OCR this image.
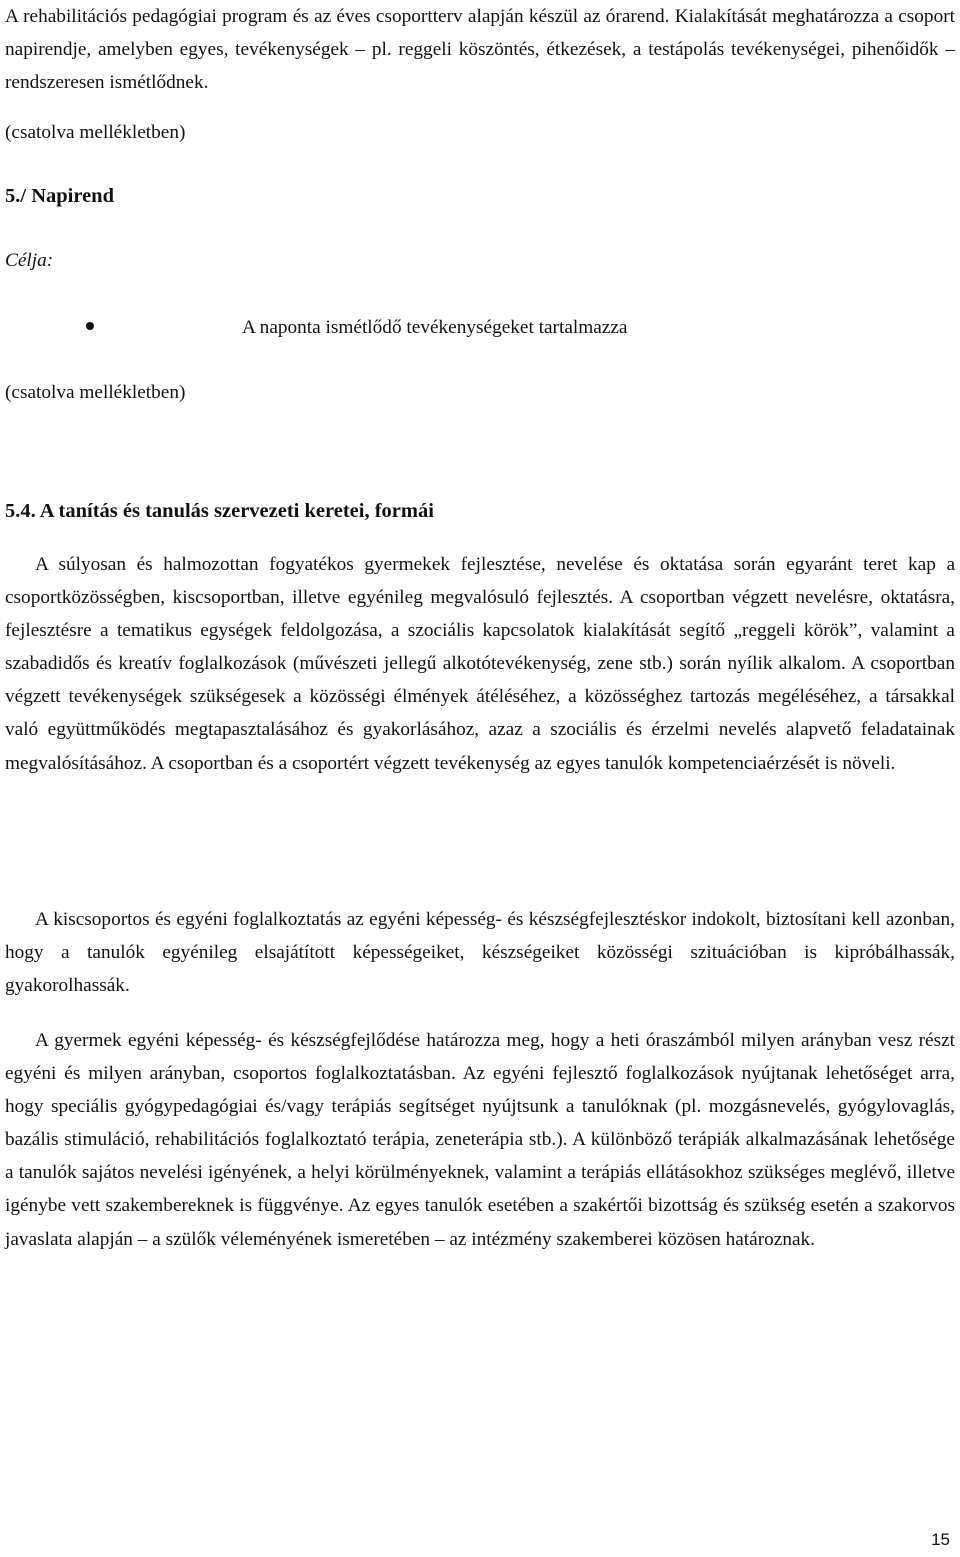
A rehabilitációs pedagógiai program és az éves csoportterv alapján készül az órarend. Kialakítását meghatározza a csoport napirendje, amelyben egyes, tevékenységek – pl. reggeli köszöntés, étkezések, a testápolás tevékenységei, pihenőidők – rendszeresen ismétlődnek.

(csatolva mellékletben)

5./ Napirend

Célja:

A naponta ismétlődő tevékenységeket tartalmazza

(csatolva mellékletben)

5.4. A tanítás és tanulás szervezeti keretei, formái

A súlyosan és halmozottan fogyatékos gyermekek fejlesztése, nevelése és oktatása során egyaránt teret kap a csoportközösségben, kiscsoportban, illetve egyénileg megvalósuló fejlesztés. A csoportban végzett nevelésre, oktatásra, fejlesztésre a tematikus egységek feldolgozása, a szociális kapcsolatok kialakítását segítő „reggeli körök”, valamint a szabadidős és kreatív foglalkozások (művészeti jellegű alkotótevékenység, zene stb.) során nyílik alkalom. A csoportban végzett tevékenységek szükségesek a közösségi élmények átéléséhez, a közösséghez tartozás megéléséhez, a társakkal való együttműködés megtapasztalásához és gyakorlásához, azaz a szociális és érzelmi nevelés alapvető feladatainak megvalósításához. A csoportban és a csoportért végzett tevékenység az egyes tanulók kompetenciaérzését is növeli.

A kiscsoportos és egyéni foglalkoztatás az egyéni képesség- és készségfejlesztéskor indokolt, biztosítani kell azonban, hogy a tanulók egyénileg elsajátított képességeiket, készségeiket közösségi szituációban is kipróbálhassák, gyakorolhassák.

A gyermek egyéni képesség- és készségfejlődése határozza meg, hogy a heti óraszámból milyen arányban vesz részt egyéni és milyen arányban, csoportos foglalkoztatásban. Az egyéni fejlesztő foglalkozások nyújtanak lehetőséget arra, hogy speciális gyógypedagógiai és/vagy terápiás segítséget nyújtsunk a tanulóknak (pl. mozgásnevelés, gyógylovaglás, bazális stimuláció, rehabilitációs foglalkoztató terápia, zeneterápia stb.). A különböző terápiák alkalmazásának lehetősége a tanulók sajátos nevelési igényének, a helyi körülményeknek, valamint a terápiás ellátásokhoz szükséges meglévő, illetve igénybe vett szakembereknek is függvénye. Az egyes tanulók esetében a szakértői bizottság és szükség esetén a szakorvos javaslata alapján – a szülők véleményének ismeretében – az intézmény szakemberei közösen határoznak.

15
